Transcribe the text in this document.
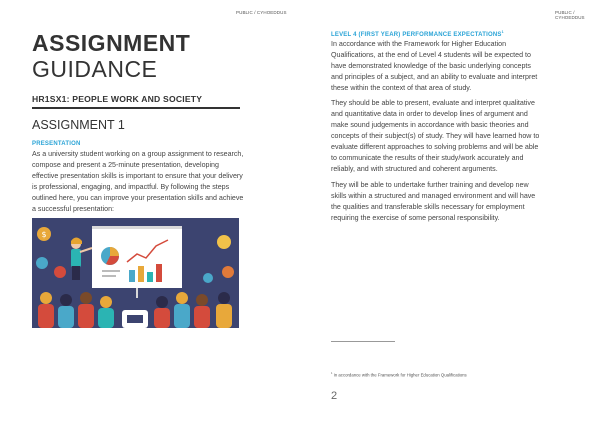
PUBLIC / CYHOEDDUS
ASSIGNMENT
GUIDANCE
HR1SX1: PEOPLE WORK AND SOCIETY
ASSIGNMENT 1
PRESENTATION

As a university student working on a group assignment to research, compose and present a 25-minute presentation, developing effective presentation skills is important to ensure that your delivery is professional, engaging, and impactful. By following the steps outlined here, you can improve your presentation skills and achieve a successful presentation:

$
PUBLIC / CYHOEDDUS
LEVEL 4 (FIRST YEAR) PERFORMANCE EXPECTATIONS$^1$

In accordance with the Framework for Higher Education Qualifications, at the end of Level 4 students will be expected to have demonstrated knowledge of the basic underlying concepts and principles of a subject, and an ability to evaluate and interpret these within the context of that area of study.

They should be able to present, evaluate and interpret qualitative and quantitative data in order to develop lines of argument and make sound judgements in accordance with basic theories and concepts of their subject(s) of study. They will have learned how to evaluate different approaches to solving problems and will be able to communicate the results of their study/work accurately and reliably, and with structured and coherent arguments.

They will be able to undertake further training and develop new skills within a structured and managed environment and will have the qualities and transferable skills necessary for employment requiring the exercise of some personal responsibility.

$^1$ In accordance with the Framework for Higher Education Qualifications

2
